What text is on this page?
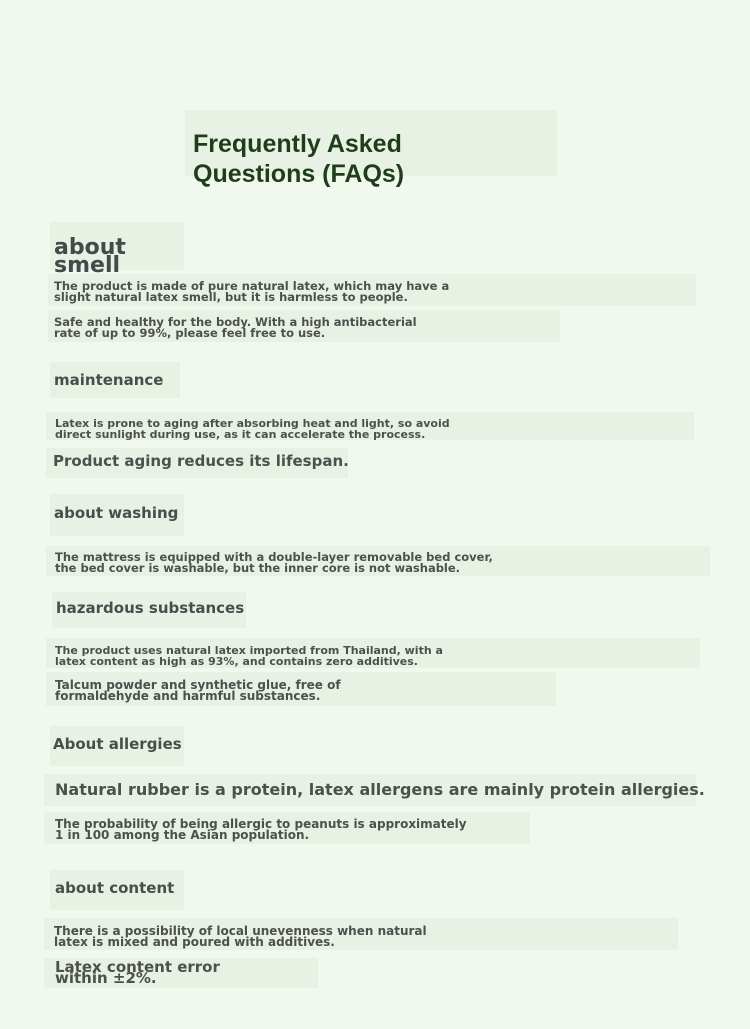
Frequently Asked
Questions (FAQs)
about
smell
The product is made of pure natural latex, which may have a
slight natural latex smell, but it is harmless to people.
Safe and healthy for the body. With a high antibacterial
rate of up to 99%, please feel free to use.
maintenance
Latex is prone to aging after absorbing heat and light, so avoid
direct sunlight during use, as it can accelerate the process.
Product aging reduces its lifespan.
about washing
The mattress is equipped with a double-layer removable bed cover,
the bed cover is washable, but the inner core is not washable.
hazardous substances
The product uses natural latex imported from Thailand, with a
latex content as high as 93%, and contains zero additives.
Talcum powder and synthetic glue, free of
formaldehyde and harmful substances.
About allergies
Natural rubber is a protein, latex allergens are mainly protein allergies.
The probability of being allergic to peanuts is approximately
1 in 100 among the Asian population.
about content
There is a possibility of local unevenness when natural
latex is mixed and poured with additives.
Latex content error
within ±2%.
